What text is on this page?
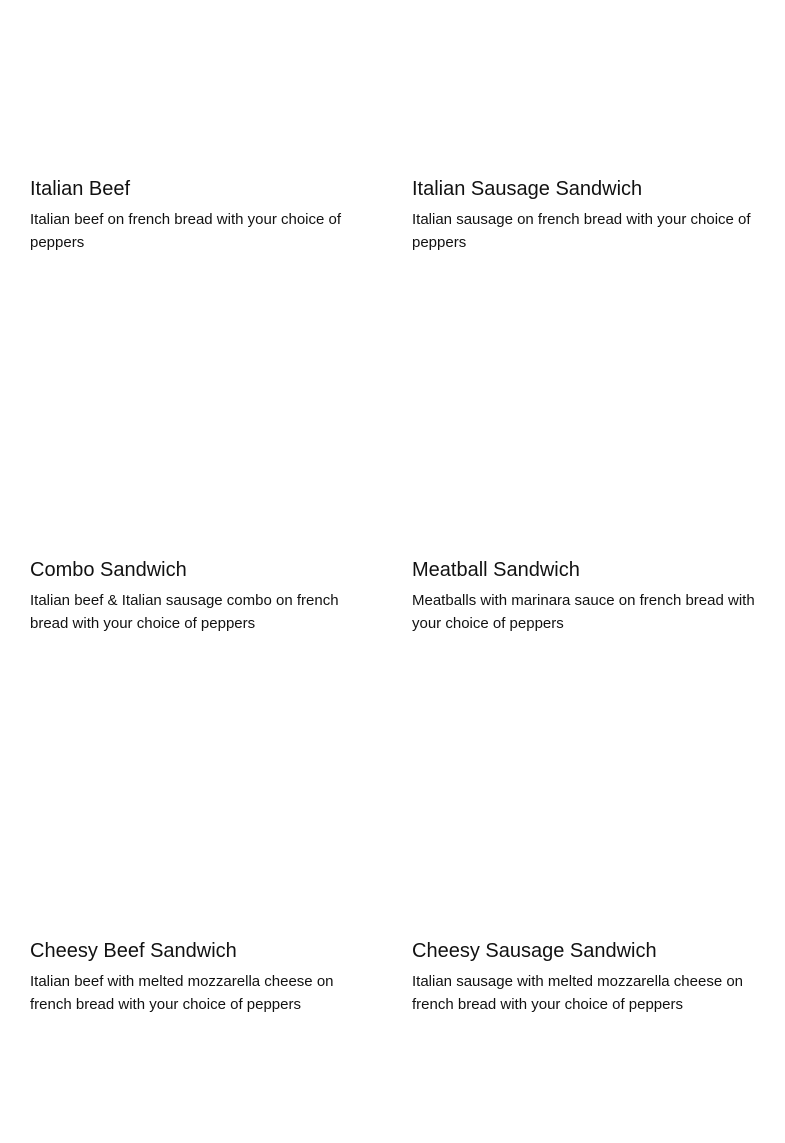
Italian Beef

Italian beef on french bread with your choice of peppers

Italian Sausage Sandwich

Italian sausage on french bread with your choice of peppers

Combo Sandwich

Italian beef & Italian sausage combo on french bread with your choice of peppers

Meatball Sandwich

Meatballs with marinara sauce on french bread with your choice of peppers

Cheesy Beef Sandwich

Italian beef with melted mozzarella cheese on french bread with your choice of peppers

Cheesy Sausage Sandwich

Italian sausage with melted mozzarella cheese on french bread with your choice of peppers
